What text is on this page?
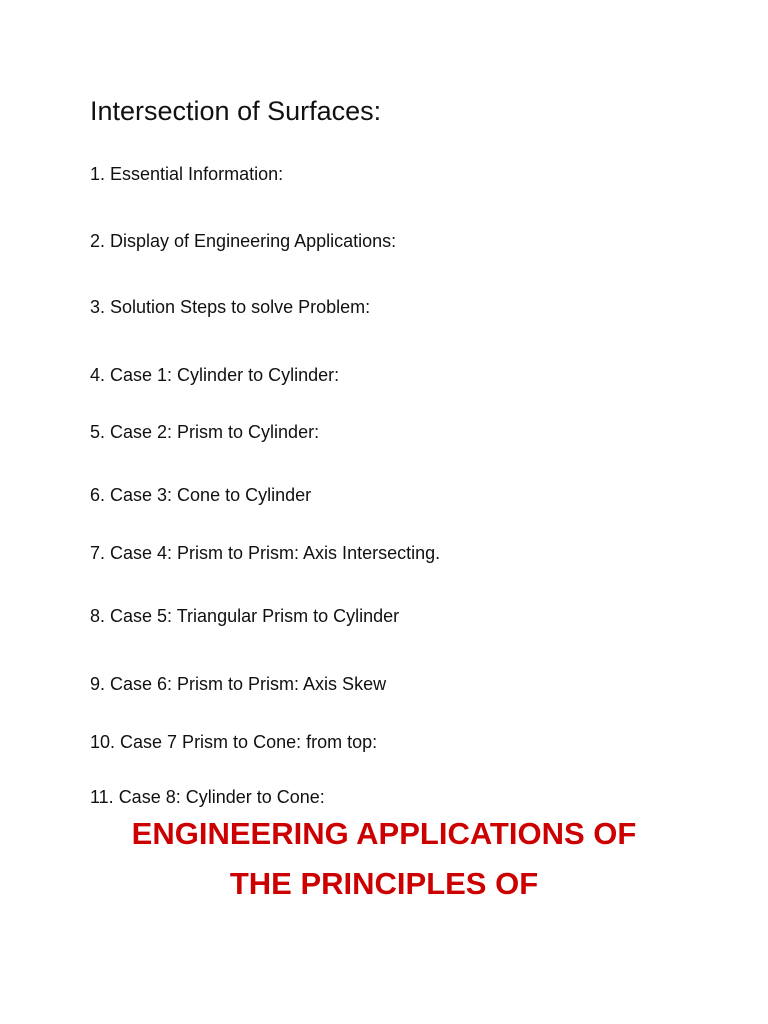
Intersection of Surfaces:
1. Essential Information:
2. Display of Engineering Applications:
3. Solution Steps to solve Problem:
4. Case 1: Cylinder to Cylinder:
5. Case 2: Prism to Cylinder:
6. Case 3: Cone to Cylinder
7. Case 4: Prism to Prism: Axis Intersecting.
8. Case 5: Triangular Prism to Cylinder
9. Case 6: Prism to Prism: Axis Skew
10. Case 7 Prism to Cone: from top:
11. Case 8: Cylinder to Cone:
ENGINEERING APPLICATIONS OF
THE PRINCIPLES OF
